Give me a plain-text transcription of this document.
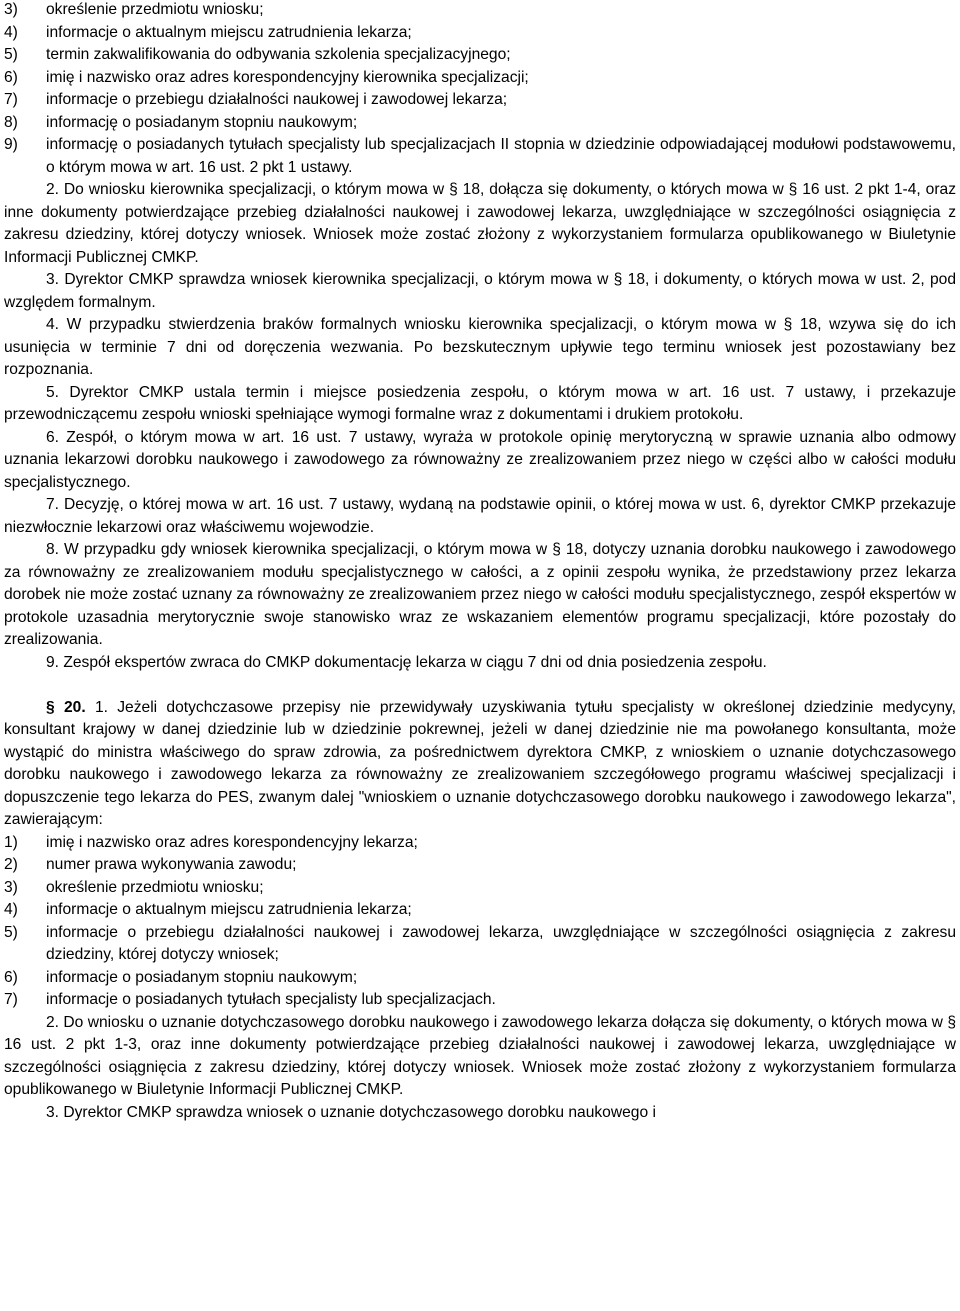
3) określenie przedmiotu wniosku;
4) informacje o aktualnym miejscu zatrudnienia lekarza;
5) termin zakwalifikowania do odbywania szkolenia specjalizacyjnego;
6) imię i nazwisko oraz adres korespondencyjny kierownika specjalizacji;
7) informacje o przebiegu działalności naukowej i zawodowej lekarza;
8) informację o posiadanym stopniu naukowym;
9) informację o posiadanych tytułach specjalisty lub specjalizacjach II stopnia w dziedzinie odpowiadającej modułowi podstawowemu, o którym mowa w art. 16 ust. 2 pkt 1 ustawy.

2. Do wniosku kierownika specjalizacji, o którym mowa w § 18, dołącza się dokumenty, o których mowa w § 16 ust. 2 pkt 1-4, oraz inne dokumenty potwierdzające przebieg działalności naukowej i zawodowej lekarza, uwzględniające w szczególności osiągnięcia z zakresu dziedziny, której dotyczy wniosek. Wniosek może zostać złożony z wykorzystaniem formularza opublikowanego w Biuletynie Informacji Publicznej CMKP.

3. Dyrektor CMKP sprawdza wniosek kierownika specjalizacji, o którym mowa w § 18, i dokumenty, o których mowa w ust. 2, pod względem formalnym.

4. W przypadku stwierdzenia braków formalnych wniosku kierownika specjalizacji, o którym mowa w § 18, wzywa się do ich usunięcia w terminie 7 dni od doręczenia wezwania. Po bezskutecznym upływie tego terminu wniosek jest pozostawiany bez rozpoznania.

5. Dyrektor CMKP ustala termin i miejsce posiedzenia zespołu, o którym mowa w art. 16 ust. 7 ustawy, i przekazuje przewodniczącemu zespołu wnioski spełniające wymogi formalne wraz z dokumentami i drukiem protokołu.

6. Zespół, o którym mowa w art. 16 ust. 7 ustawy, wyraża w protokole opinię merytoryczną w sprawie uznania albo odmowy uznania lekarzowi dorobku naukowego i zawodowego za równoważny ze zrealizowaniem przez niego w części albo w całości modułu specjalistycznego.

7. Decyzję, o której mowa w art. 16 ust. 7 ustawy, wydaną na podstawie opinii, o której mowa w ust. 6, dyrektor CMKP przekazuje niezwłocznie lekarzowi oraz właściwemu wojewodzie.

8. W przypadku gdy wniosek kierownika specjalizacji, o którym mowa w § 18, dotyczy uznania dorobku naukowego i zawodowego za równoważny ze zrealizowaniem modułu specjalistycznego w całości, a z opinii zespołu wynika, że przedstawiony przez lekarza dorobek nie może zostać uznany za równoważny ze zrealizowaniem przez niego w całości modułu specjalistycznego, zespół ekspertów w protokole uzasadnia merytorycznie swoje stanowisko wraz ze wskazaniem elementów programu specjalizacji, które pozostały do zrealizowania.

9. Zespół ekspertów zwraca do CMKP dokumentację lekarza w ciągu 7 dni od dnia posiedzenia zespołu.

§ 20. 1. Jeżeli dotychczasowe przepisy nie przewidywały uzyskiwania tytułu specjalisty w określonej dziedzinie medycyny, konsultant krajowy w danej dziedzinie lub w dziedzinie pokrewnej, jeżeli w danej dziedzinie nie ma powołanego konsultanta, może wystąpić do ministra właściwego do spraw zdrowia, za pośrednictwem dyrektora CMKP, z wnioskiem o uznanie dotychczasowego dorobku naukowego i zawodowego lekarza za równoważny ze zrealizowaniem szczegółowego programu właściwej specjalizacji i dopuszczenie tego lekarza do PES, zwanym dalej "wnioskiem o uznanie dotychczasowego dorobku naukowego i zawodowego lekarza", zawierającym:

1) imię i nazwisko oraz adres korespondencyjny lekarza;
2) numer prawa wykonywania zawodu;
3) określenie przedmiotu wniosku;
4) informacje o aktualnym miejscu zatrudnienia lekarza;
5) informacje o przebiegu działalności naukowej i zawodowej lekarza, uwzględniające w szczególności osiągnięcia z zakresu dziedziny, której dotyczy wniosek;
6) informacje o posiadanym stopniu naukowym;
7) informacje o posiadanych tytułach specjalisty lub specjalizacjach.

2. Do wniosku o uznanie dotychczasowego dorobku naukowego i zawodowego lekarza dołącza się dokumenty, o których mowa w § 16 ust. 2 pkt 1-3, oraz inne dokumenty potwierdzające przebieg działalności naukowej i zawodowej lekarza, uwzględniające w szczególności osiągnięcia z zakresu dziedziny, której dotyczy wniosek. Wniosek może zostać złożony z wykorzystaniem formularza opublikowanego w Biuletynie Informacji Publicznej CMKP.

3. Dyrektor CMKP sprawdza wniosek o uznanie dotychczasowego dorobku naukowego i
